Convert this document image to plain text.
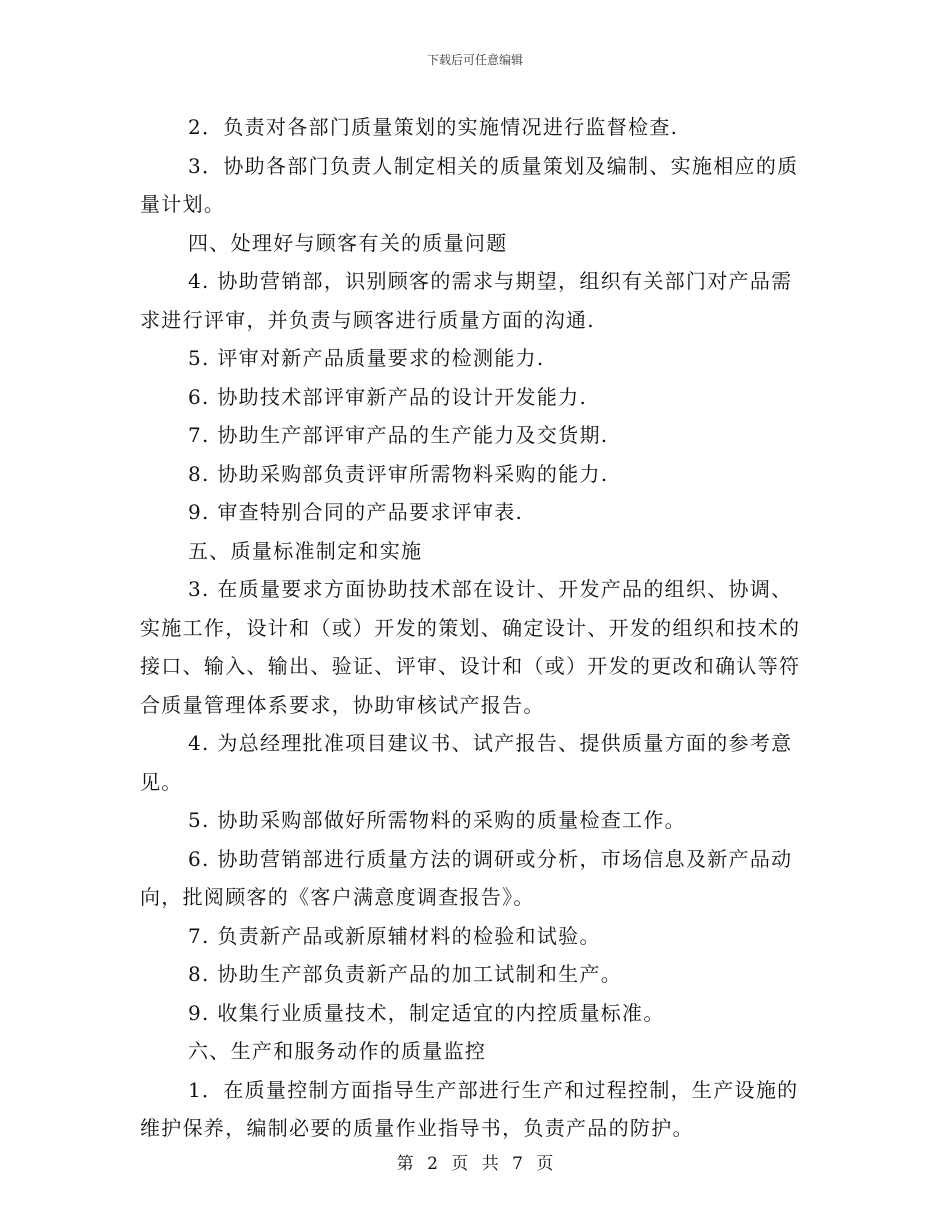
下载后可任意编辑

2．负责对各部门质量策划的实施情况进行监督检查.

3．协助各部门负责人制定相关的质量策划及编制、实施相应的质量计划。

四、处理好与顾客有关的质量问题

4. 协助营销部，识别顾客的需求与期望，组织有关部门对产品需求进行评审，并负责与顾客进行质量方面的沟通.

5. 评审对新产品质量要求的检测能力.

6. 协助技术部评审新产品的设计开发能力.

7. 协助生产部评审产品的生产能力及交货期.

8. 协助采购部负责评审所需物料采购的能力.

9. 审查特别合同的产品要求评审表.

五、质量标准制定和实施

3. 在质量要求方面协助技术部在设计、开发产品的组织、协调、实施工作，设计和（或）开发的策划、确定设计、开发的组织和技术的接口、输入、输出、验证、评审、设计和（或）开发的更改和确认等符合质量管理体系要求，协助审核试产报告。

4. 为总经理批准项目建议书、试产报告、提供质量方面的参考意见。

5. 协助采购部做好所需物料的采购的质量检查工作。

6. 协助营销部进行质量方法的调研或分析，市场信息及新产品动向，批阅顾客的《客户满意度调查报告》。

7. 负责新产品或新原辅材料的检验和试验。

8. 协助生产部负责新产品的加工试制和生产。

9. 收集行业质量技术，制定适宜的内控质量标准。

六、生产和服务动作的质量监控

1．在质量控制方面指导生产部进行生产和过程控制，生产设施的维护保养，编制必要的质量作业指导书，负责产品的防护。

第 2 页 共 7 页
